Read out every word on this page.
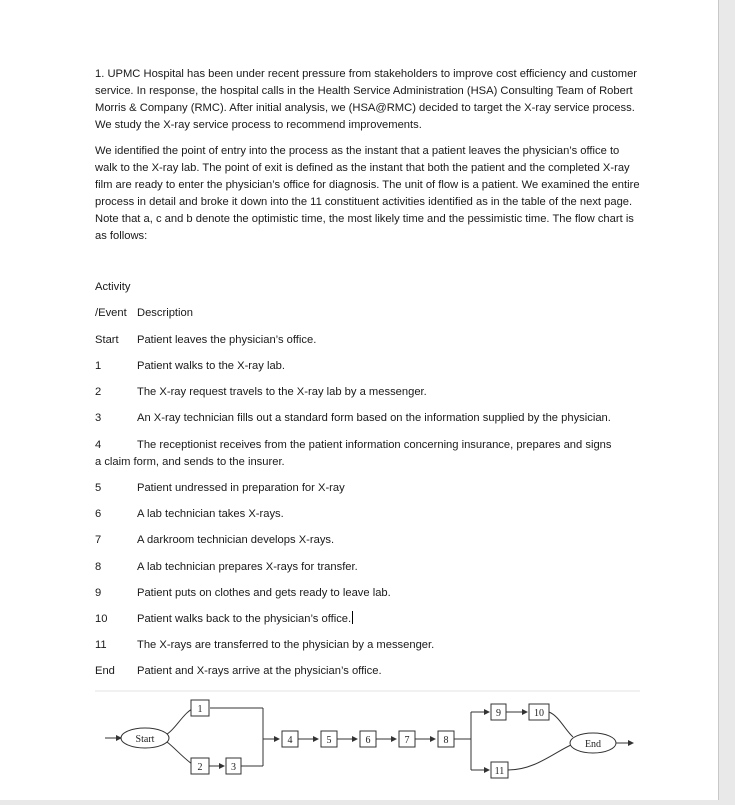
1. UPMC Hospital has been under recent pressure from stakeholders to improve cost efficiency and customer service. In response, the hospital calls in the Health Service Administration (HSA) Consulting Team of Robert Morris & Company (RMC). After initial analysis, we (HSA@RMC) decided to target the X-ray service process. We study the X-ray service process to recommend improvements.

We identified the point of entry into the process as the instant that a patient leaves the physician’s office to walk to the X-ray lab. The point of exit is defined as the instant that both the patient and the completed X-ray film are ready to enter the physician’s office for diagnosis. The unit of flow is a patient. We examined the entire process in detail and broke it down into the 11 constituent activities identified as in the table of the next page. Note that a, c and b denote the optimistic time, the most likely time and the pessimistic time. The flow chart is as follows:

Activity
/Event Description
Start Patient leaves the physician’s office.
1	Patient walks to the X-ray lab.
2	The X-ray request travels to the X-ray lab by a messenger.
3	An X-ray technician fills out a standard form based on the information supplied by the physician.
4	The receptionist receives from the patient information concerning insurance, prepares and signs
a claim form, and sends to the insurer.
5	Patient undressed in preparation for X-ray
6	A lab technician takes X-rays.
7	A darkroom technician develops X-rays.
8	A lab technician prepares X-rays for transfer.
9	Patient puts on clothes and gets ready to leave lab.
10	Patient walks back to the physician’s office.
11	The X-rays are transferred to the physician by a messenger.
End Patient and X-rays arrive at the physician’s office.
Start	End
1
2	3
4	5	6	7	8
9	10
11
